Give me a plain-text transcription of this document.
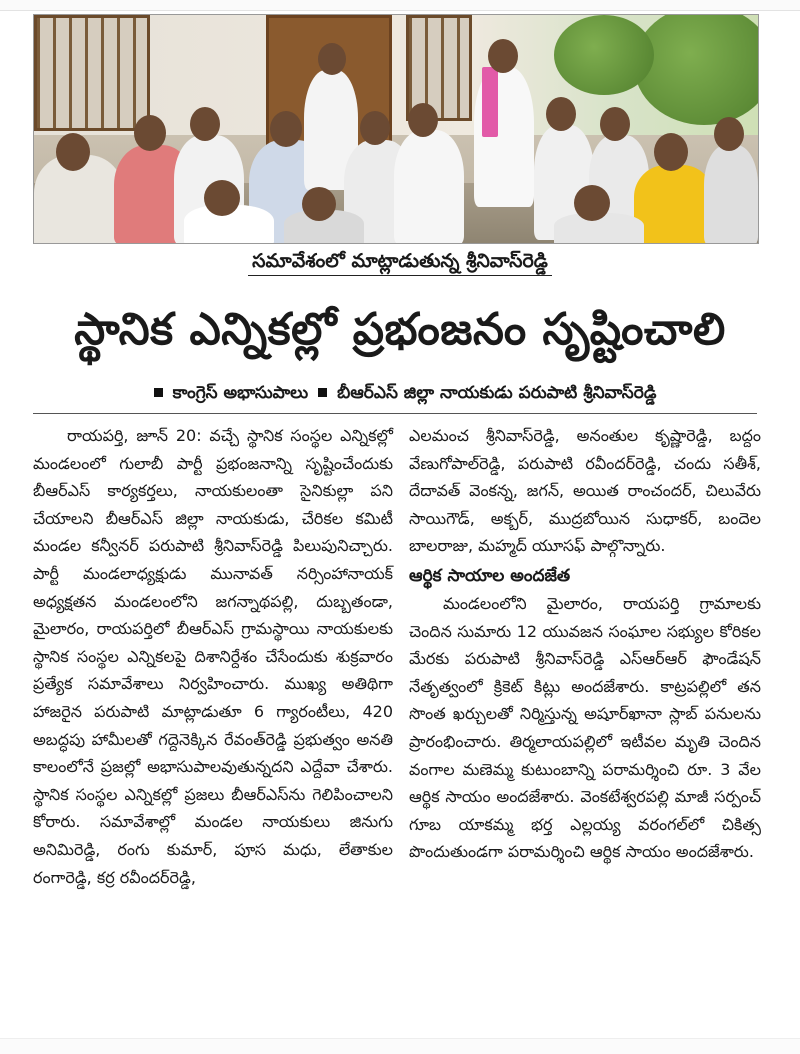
సమావేశంలో మాట్లాడుతున్న శ్రీనివాస్‌రెడ్డి
స్థానిక ఎన్నికల్లో ప్రభంజనం సృష్టించాలి
కాంగ్రెస్ అభాసుపాలు బీఆర్‌ఎస్ జిల్లా నాయకుడు పరుపాటి శ్రీనివాస్‌రెడ్డి

రాయపర్తి, జూన్ 20: వచ్చే స్థానిక సంస్థల ఎన్నికల్లో మండలంలో గులాబీ పార్టీ ప్రభంజనాన్ని సృష్టించేందుకు బీఆర్‌ఎస్ కార్యకర్తలు, నాయకులంతా సైనికుల్లా పని చేయాలని బీఆర్‌ఎస్ జిల్లా నాయకుడు, చేరికల కమిటీ మండల కన్వీనర్ పరుపాటి శ్రీనివాస్‌రెడ్డి పిలుపునిచ్చారు. పార్టీ మండలాధ్యక్షుడు మునావత్ నర్సింహానాయక్ అధ్యక్షతన మండలంలోని జగన్నాథపల్లి, దుబ్బతండా, మైలారం, రాయపర్తిలో బీఆర్‌ఎస్ గ్రామస్థాయి నాయకులకు స్థానిక సంస్థల ఎన్నికలపై దిశానిర్దేశం చేసేందుకు శుక్రవారం ప్రత్యేక సమావేశాలు నిర్వహించారు. ముఖ్య అతిథిగా హాజరైన పరుపాటి మాట్లాడుతూ 6 గ్యారంటీలు, 420 అబద్ధపు హామీలతో గద్దెనెక్కిన రేవంత్‌రెడ్డి ప్రభుత్వం అనతి కాలంలోనే ప్రజల్లో అభాసుపాలవుతున్నదని ఎద్దేవా చేశారు. స్థానిక సంస్థల ఎన్నికల్లో ప్రజలు బీఆర్‌ఎస్‌ను గెలిపించాలని కోరారు. సమావేశాల్లో మండల నాయకులు జినుగు అనిమిరెడ్డి, రంగు కుమార్, పూస మధు, లేతాకుల రంగారెడ్డి, కర్ర రవీందర్‌రెడ్డి,

ఎలమంచ శ్రీనివాస్‌రెడ్డి, అనంతుల కృష్ణారెడ్డి, బద్దం వేణుగోపాల్‌రెడ్డి, పరుపాటి రవీందర్‌రెడ్డి, చందు సతీశ్, దేదావత్ వెంకన్న, జగన్, అయిత రాంచందర్, చిలువేరు సాయిగౌడ్, అక్బర్, ముద్రబోయిన సుధాకర్, బందెల బాలరాజు, మహ్మద్ యూసఫ్ పాల్గొన్నారు.

ఆర్థిక సాయాల అందజేత

మండలంలోని మైలారం, రాయపర్తి గ్రామాలకు చెందిన సుమారు 12 యువజన సంఘాల సభ్యుల కోరికల మేరకు పరుపాటి శ్రీనివాస్‌రెడ్డి ఎస్‌ఆర్‌ఆర్ ఫౌండేషన్ నేతృత్వంలో క్రికెట్ కిట్లు అందజేశారు. కాట్రపల్లిలో తన సొంత ఖర్చులతో నిర్మిస్తున్న అషూర్‌ఖానా స్లాబ్ పనులను ప్రారంభించారు. తిర్మలాయపల్లిలో ఇటీవల మృతి చెందిన వంగాల మణెమ్మ కుటుంబాన్ని పరామర్శించి రూ. 3 వేల ఆర్థిక సాయం అందజేశారు. వెంకటేశ్వరపల్లి మాజీ సర్పంచ్ గూబ యాకమ్మ భర్త ఎల్లయ్య వరంగల్‌లో చికిత్స పొందుతుండగా పరామర్శించి ఆర్థిక సాయం అందజేశారు.
